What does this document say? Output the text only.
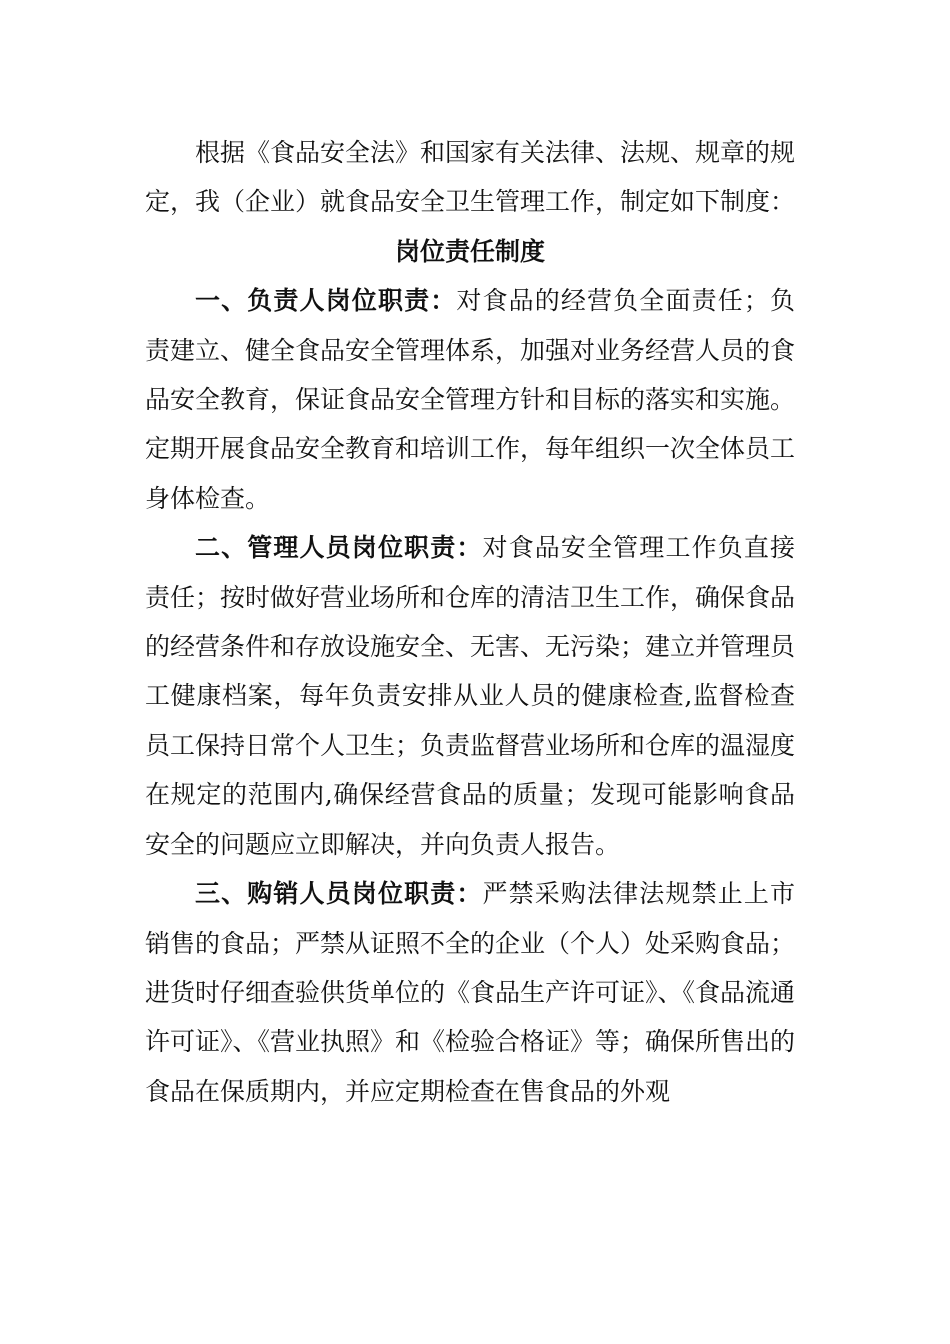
根据《食品安全法》和国家有关法律、法规、规章的规定，我（企业）就食品安全卫生管理工作，制定如下制度：

岗位责任制度

一、负责人岗位职责：对食品的经营负全面责任；负责建立、健全食品安全管理体系，加强对业务经营人员的食品安全教育，保证食品安全管理方针和目标的落实和实施。定期开展食品安全教育和培训工作，每年组织一次全体员工身体检查。

二、管理人员岗位职责：对食品安全管理工作负直接责任；按时做好营业场所和仓库的清洁卫生工作，确保食品的经营条件和存放设施安全、无害、无污染；建立并管理员工健康档案，每年负责安排从业人员的健康检查,监督检查员工保持日常个人卫生；负责监督营业场所和仓库的温湿度在规定的范围内,确保经营食品的质量；发现可能影响食品安全的问题应立即解决，并向负责人报告。

三、购销人员岗位职责：严禁采购法律法规禁止上市销售的食品；严禁从证照不全的企业（个人）处采购食品；进货时仔细查验供货单位的《食品生产许可证》、《食品流通许可证》、《营业执照》和《检验合格证》等；确保所售出的食品在保质期内，并应定期检查在售食品的外观
